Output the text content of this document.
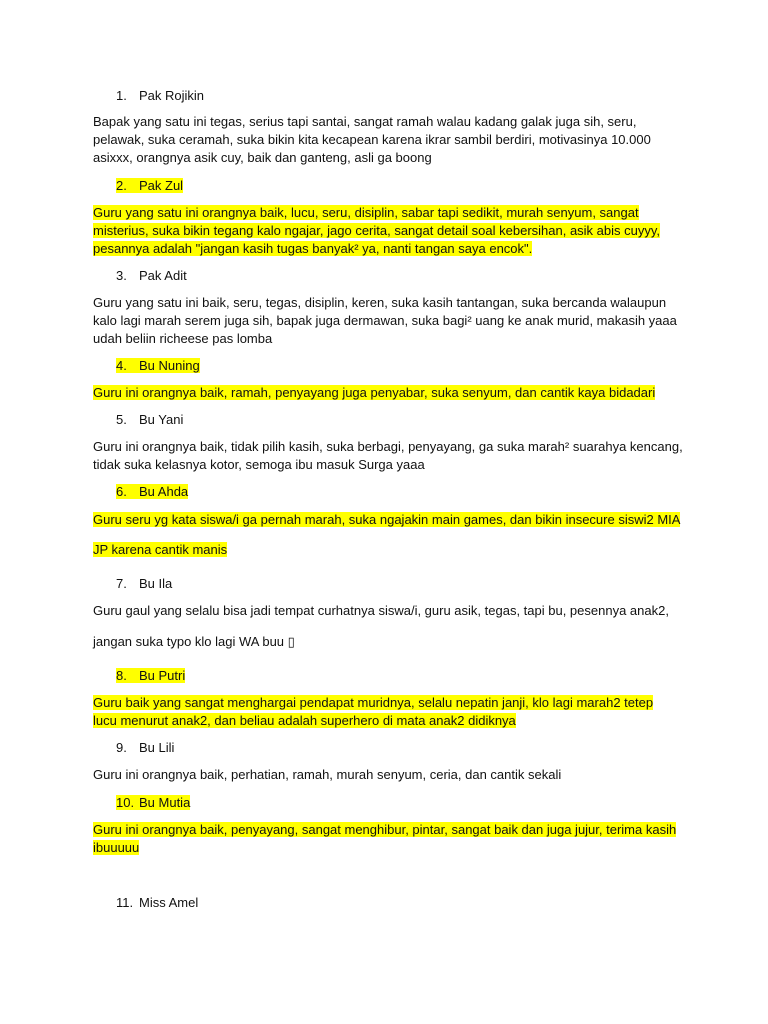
1. Pak Rojikin
Bapak yang satu ini tegas, serius tapi santai, sangat ramah walau kadang galak juga sih, seru,
pelawak, suka ceramah, suka bikin kita kecapean karena ikrar sambil berdiri, motivasinya 10.000
asixxx, orangnya asik cuy, baik dan ganteng, asli ga boong
2. Pak Zul
Guru yang satu ini orangnya baik, lucu, seru, disiplin, sabar tapi sedikit, murah senyum, sangat
misterius, suka bikin tegang kalo ngajar, jago cerita, sangat detail soal kebersihan, asik abis cuyyy,
pesannya adalah "jangan kasih tugas banyak² ya, nanti tangan saya encok".
3. Pak Adit
Guru yang satu ini baik, seru, tegas, disiplin, keren, suka kasih tantangan, suka bercanda walaupun
kalo lagi marah serem juga sih, bapak juga dermawan, suka bagi² uang ke anak murid, makasih yaaa
udah beliin richeese pas lomba
4. Bu Nuning
Guru ini orangnya baik, ramah, penyayang juga penyabar, suka senyum, dan cantik kaya bidadari
5. Bu Yani
Guru ini orangnya baik, tidak pilih kasih, suka berbagi, penyayang, ga suka marah² suarahya kencang,
tidak suka kelasnya kotor, semoga ibu masuk Surga yaaa
6. Bu Ahda
Guru seru yg kata siswa/i ga pernah marah, suka ngajakin main games, dan bikin insecure siswi2 MIA
JP karena cantik manis
7. Bu Ila
Guru gaul yang selalu bisa jadi tempat curhatnya siswa/i, guru asik, tegas, tapi bu, pesennya anak2,
jangan suka typo klo lagi WA buu ▯
8. Bu Putri
Guru baik yang sangat menghargai pendapat muridnya, selalu nepatin janji, klo lagi marah2 tetep
lucu menurut anak2, dan beliau adalah superhero di mata anak2 didiknya
9. Bu Lili
Guru ini orangnya baik, perhatian, ramah, murah senyum, ceria, dan cantik sekali
10. Bu Mutia
Guru ini orangnya baik, penyayang, sangat menghibur, pintar, sangat baik dan juga jujur, terima kasih
ibuuuuu
11. Miss Amel
